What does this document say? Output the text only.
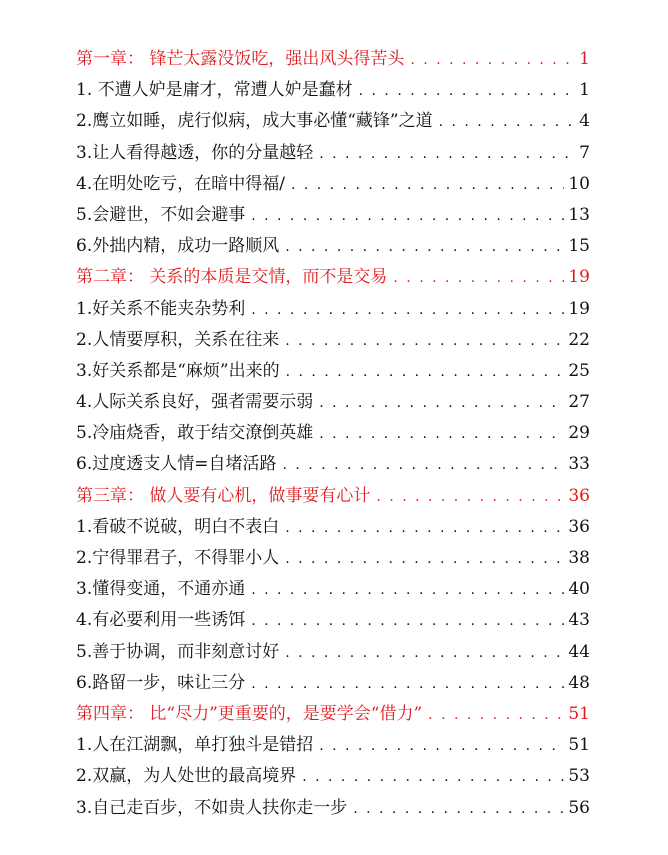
第一章： 锋芒太露没饭吃，强出风头得苦头 . . .	1
1. 不遭人妒是庸才，常遭人妒是蠢材 . . .	1
2.鹰立如睡，虎行似病，成大事必懂“藏锋”之道 . . .	4
3.让人看得越透，你的分量越轻 . . .	7
4.在明处吃亏，在暗中得福/ . . .	10
5.会避世，不如会避事 . . .	13
6.外拙内精，成功一路顺风 . . .	15
第二章： 关系的本质是交情，而不是交易 . . .	19
1.好关系不能夹杂势利 . . .	19
2.人情要厚积，关系在往来 . . .	22
3.好关系都是“麻烦”出来的 . . .	25
4.人际关系良好，强者需要示弱 . . .	27
5.冷庙烧香，敢于结交潦倒英雄 . . .	29
6.过度透支人情=自堵活路 . . .	33
第三章： 做人要有心机，做事要有心计 . . .	36
1.看破不说破，明白不表白 . . .	36
2.宁得罪君子，不得罪小人 . . .	38
3.懂得变通，不通亦通 . . .	40
4.有必要利用一些诱饵 . . .	43
5.善于协调，而非刻意讨好 . . .	44
6.路留一步，味让三分 . . .	48
第四章： 比“尽力”更重要的，是要学会“借力” . . .	51
1.人在江湖飘，单打独斗是错招 . . .	51
2.双赢，为人处世的最高境界 . . .	53
3.自己走百步，不如贵人扶你走一步 . . .	56
